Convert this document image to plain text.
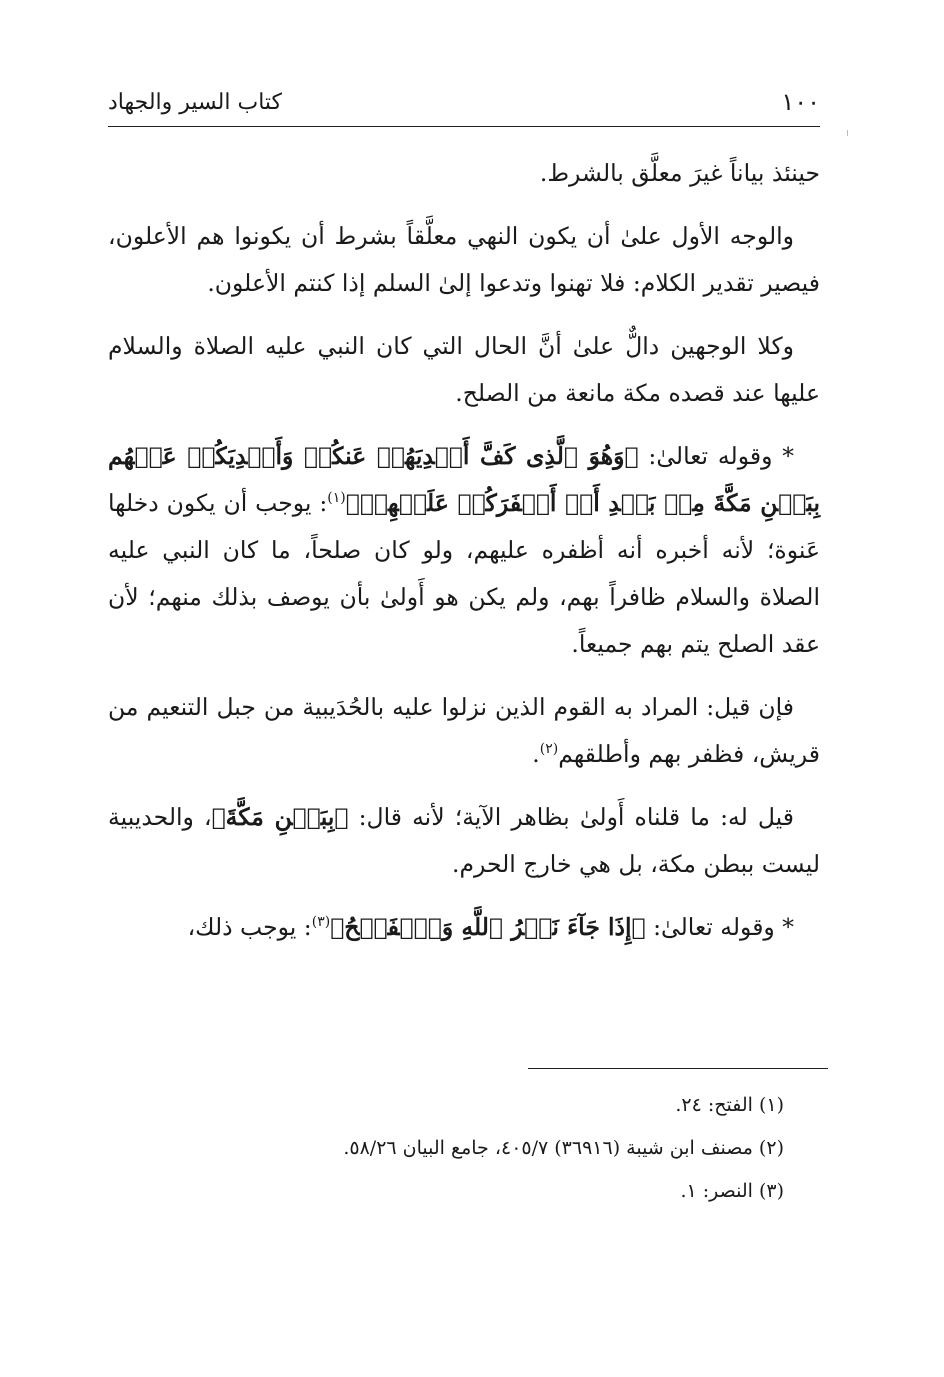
كتاب السير والجهاد	١٠٠

حينئذ بياناً غيرَ معلَّق بالشرط.

والوجه الأول علىٰ أن يكون النهي معلَّقاً بشرط أن يكونوا هم الأعلون، فيصير تقدير الكلام: فلا تهنوا وتدعوا إلىٰ السلم إذا كنتم الأعلون.

وكلا الوجهين دالٌّ علىٰ أنَّ الحال التي كان النبي عليه الصلاة والسلام عليها عند قصده مكة مانعة من الصلح.

* وقوله تعالىٰ: ﴿وَهُوَ ٱلَّذِى كَفَّ أَيۡدِيَهُمۡ عَنكُمۡ وَأَيۡدِيَكُمۡ عَنۡهُم بِبَطۡنِ مَكَّةَ مِنۢ بَعۡدِ أَنۡ أَظۡفَرَكُمۡ عَلَيۡهِمۡ﴾$^{(١)}$: يوجب أن يكون دخلها عَنوة؛ لأنه أخبره أنه أظفره عليهم، ولو كان صلحاً، ما كان النبي عليه الصلاة والسلام ظافراً بهم، ولم يكن هو أَولىٰ بأن يوصف بذلك منهم؛ لأن عقد الصلح يتم بهم جميعاً.

فإن قيل: المراد به القوم الذين نزلوا عليه بالحُدَيبية من جبل التنعيم من قريش، فظفر بهم وأطلقهم$^{(٢)}$.

قيل له: ما قلناه أَولىٰ بظاهر الآية؛ لأنه قال: ﴿بِبَطۡنِ مَكَّةَ﴾، والحديبية ليست ببطن مكة، بل هي خارج الحرم.

* وقوله تعالىٰ: ﴿إِذَا جَآءَ نَصۡرُ ٱللَّهِ وَٱلۡفَتۡحُ﴾$^{(٣)}$: يوجب ذلك،

(١) الفتح: ٢٤.

(٢) مصنف ابن شيبة (٣٦٩١٦) ٤٠٥/٧، جامع البيان ٥٨/٢٦.

(٣) النصر: ١.
